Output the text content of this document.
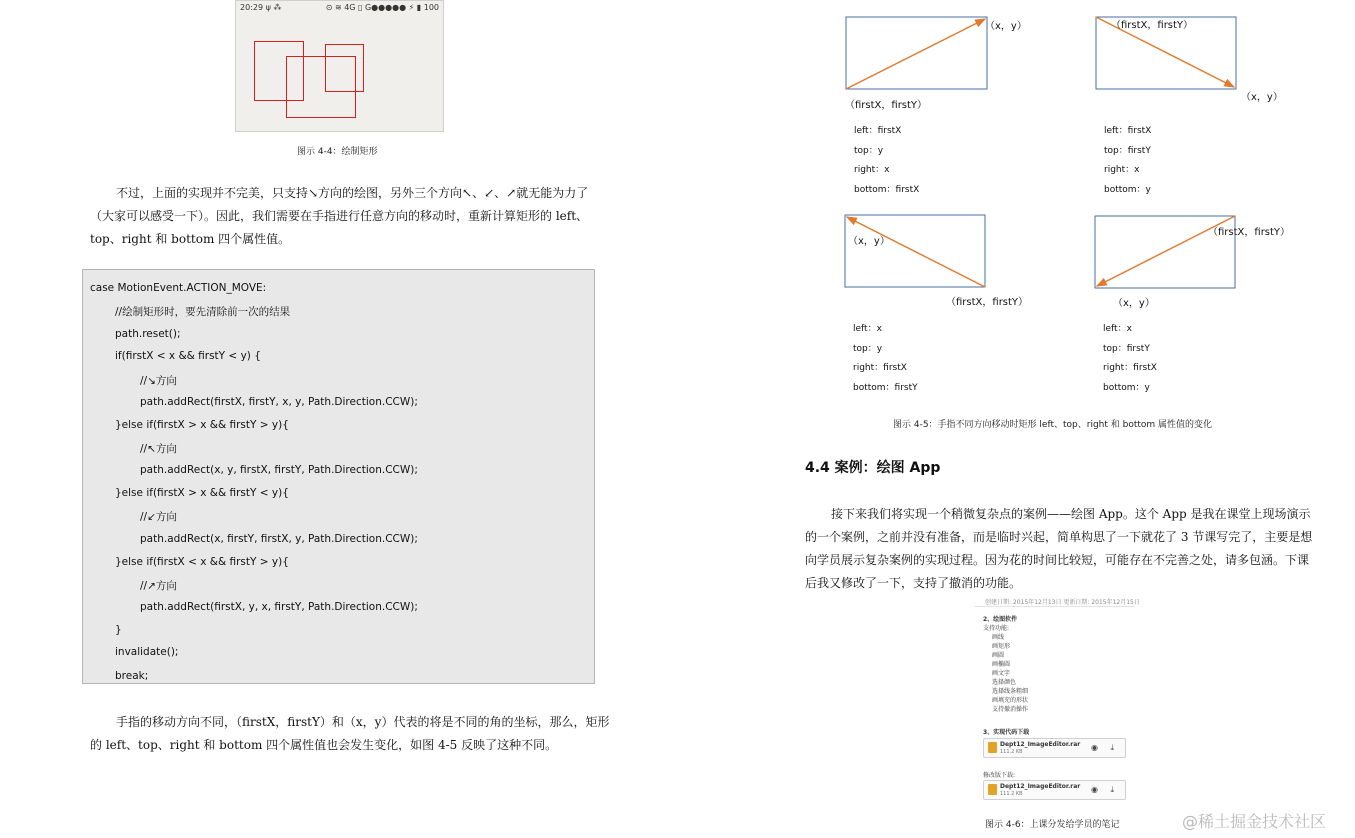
20:29 ψ ⁂	⊙ ≋ 4G ▯ G●●●●● ⚡ ▮ 100
图示 4-4：绘制矩形
不过，上面的实现并不完美，只支持↘方向的绘图，另外三个方向↖、↙、↗就无能为力了
（大家可以感受一下）。因此，我们需要在手指进行任意方向的移动时，重新计算矩形的 left、
top、right 和 bottom 四个属性值。
case MotionEvent.ACTION_MOVE:
//绘制矩形时，要先清除前一次的结果
path.reset();
if(firstX < x && firstY < y) {
//↘方向
path.addRect(firstX, firstY, x, y, Path.Direction.CCW);
}else if(firstX > x && firstY > y){
//↖方向
path.addRect(x, y, firstX, firstY, Path.Direction.CCW);
}else if(firstX > x && firstY < y){
//↙方向
path.addRect(x, firstY, firstX, y, Path.Direction.CCW);
}else if(firstX < x && firstY > y){
//↗方向
path.addRect(firstX, y, x, firstY, Path.Direction.CCW);
}
invalidate();
break;
手指的移动方向不同，（firstX，firstY）和（x，y）代表的将是不同的角的坐标，那么，矩形
的 left、top、right 和 bottom 四个属性值也会发生变化，如图 4-5 反映了这种不同。
（x，y）
（firstX，firstY）
left：firstX
top：y
right：x
bottom：firstX
（firstX，firstY）
（x，y）
left：firstX
top：firstY
right：x
bottom：y
（x，y）
（firstX，firstY）
left：x
top：y
right：firstX
bottom：firstY
（firstX，firstY）
（x，y）
left：x
top：firstY
right：firstX
bottom：y
图示 4-5：手指不同方向移动时矩形 left、top、right 和 bottom 属性值的变化
4.4 案例：绘图 App
接下来我们将实现一个稍微复杂点的案例——绘图 App。这个 App 是我在课堂上现场演示
的一个案例，之前并没有准备，而是临时兴起，简单构思了一下就花了 3 节课写完了，主要是想
向学员展示复杂案例的实现过程。因为花的时间比较短，可能存在不完善之处，请多包涵。下课
后我又修改了一下，支持了撤消的功能。
创建日期: 2015年12月13日 更新日期: 2015年12月15日
2、绘图软件
支持功能:
画线
画矩形
画圆
画椭圆
画文字
选择颜色
选择线条粗细
画填充的形状
支持撤消操作
3、实现代码下载
Dept12_ImageEditor.rar
111.2 KB	◉ ⤓
修改版下载:
Dept12_ImageEditor.rar
111.2 KB	◉ ⤓
图示 4-6：上课分发给学员的笔记	@稀土掘金技术社区
